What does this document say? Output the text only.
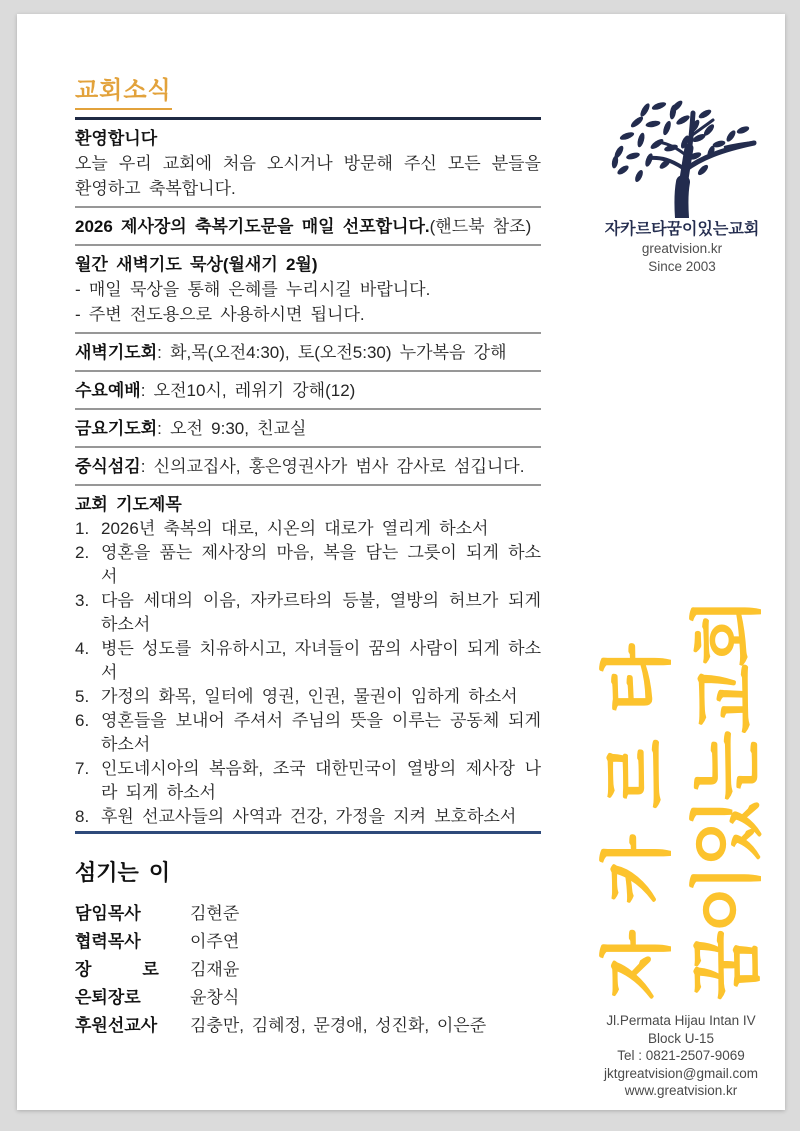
교회소식
환영합니다

오늘 우리 교회에 처음 오시거나 방문해 주신 모든 분들을 환영하고 축복합니다.

2026 제사장의 축복기도문을 매일 선포합니다.(핸드북 참조)

월간 새벽기도 묵상(월새기 2월)

- 매일 묵상을 통해 은혜를 누리시길 바랍니다.

- 주변 전도용으로 사용하시면 됩니다.

새벽기도회: 화,목(오전4:30), 토(오전5:30) 누가복음 강해

수요예배: 오전10시, 레위기 강해(12)

금요기도회: 오전 9:30, 친교실

중식섬김: 신의교집사, 홍은영권사가 범사 감사로 섬깁니다.

교회 기도제목
1. 2026년 축복의 대로, 시온의 대로가 열리게 하소서
2. 영혼을 품는 제사장의 마음, 복을 담는 그릇이 되게 하소서
3. 다음 세대의 이음, 자카르타의 등불, 열방의 허브가 되게 하소서
4. 병든 성도를 치유하시고, 자녀들이 꿈의 사람이 되게 하소서
5. 가정의 화목, 일터에 영권, 인권, 물권이 임하게 하소서
6. 영혼들을 보내어 주셔서 주님의 뜻을 이루는 공동체 되게 하소서
7. 인도네시아의 복음화, 조국 대한민국이 열방의 제사장 나라 되게 하소서
8. 후원 선교사들의 사역과 건강, 가정을 지켜 보호하소서
섬기는 이
담임목사	김현준
협력목사	이주연
장   로	김재윤
은퇴장로	윤창식
후원선교사	김충만, 김혜정, 문경애, 성진화, 이은준
자카르타꿈이있는교회
greatvision.kr
Since 2003
자카르타 꿈이있는교회
Jl.Permata Hijau Intan IV
Block U-15
Tel : 0821-2507-9069
jktgreatvision@gmail.com
www.greatvision.kr
